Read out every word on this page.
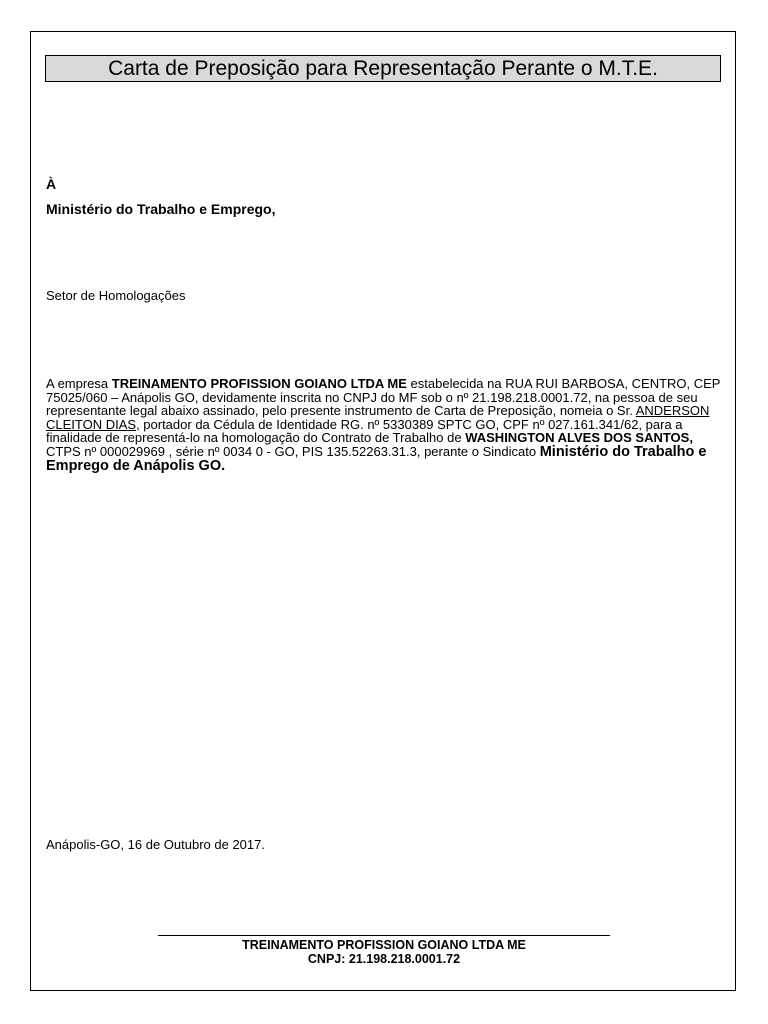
Carta de Preposição para Representação Perante o M.T.E.
À
Ministério do Trabalho e Emprego,
Setor de Homologações
A empresa TREINAMENTO PROFISSION GOIANO LTDA ME estabelecida na RUA RUI BARBOSA, CENTRO, CEP 75025/060 – Anápolis GO, devidamente inscrita no CNPJ do MF sob o nº 21.198.218.0001.72, na pessoa de seu representante legal abaixo assinado, pelo presente instrumento de Carta de Preposição, nomeia o Sr. ANDERSON CLEITON DIAS, portador da Cédula de Identidade RG. nº 5330389 SPTC GO, CPF nº 027.161.341/62, para a finalidade de representá-lo na homologação do Contrato de Trabalho de WASHINGTON ALVES DOS SANTOS, CTPS nº 000029969 , série nº 0034 0 - GO, PIS 135.52263.31.3, perante o Sindicato Ministério do Trabalho e Emprego de Anápolis GO.
Anápolis-GO, 16 de Outubro de 2017.
TREINAMENTO PROFISSION GOIANO LTDA ME
CNPJ: 21.198.218.0001.72
